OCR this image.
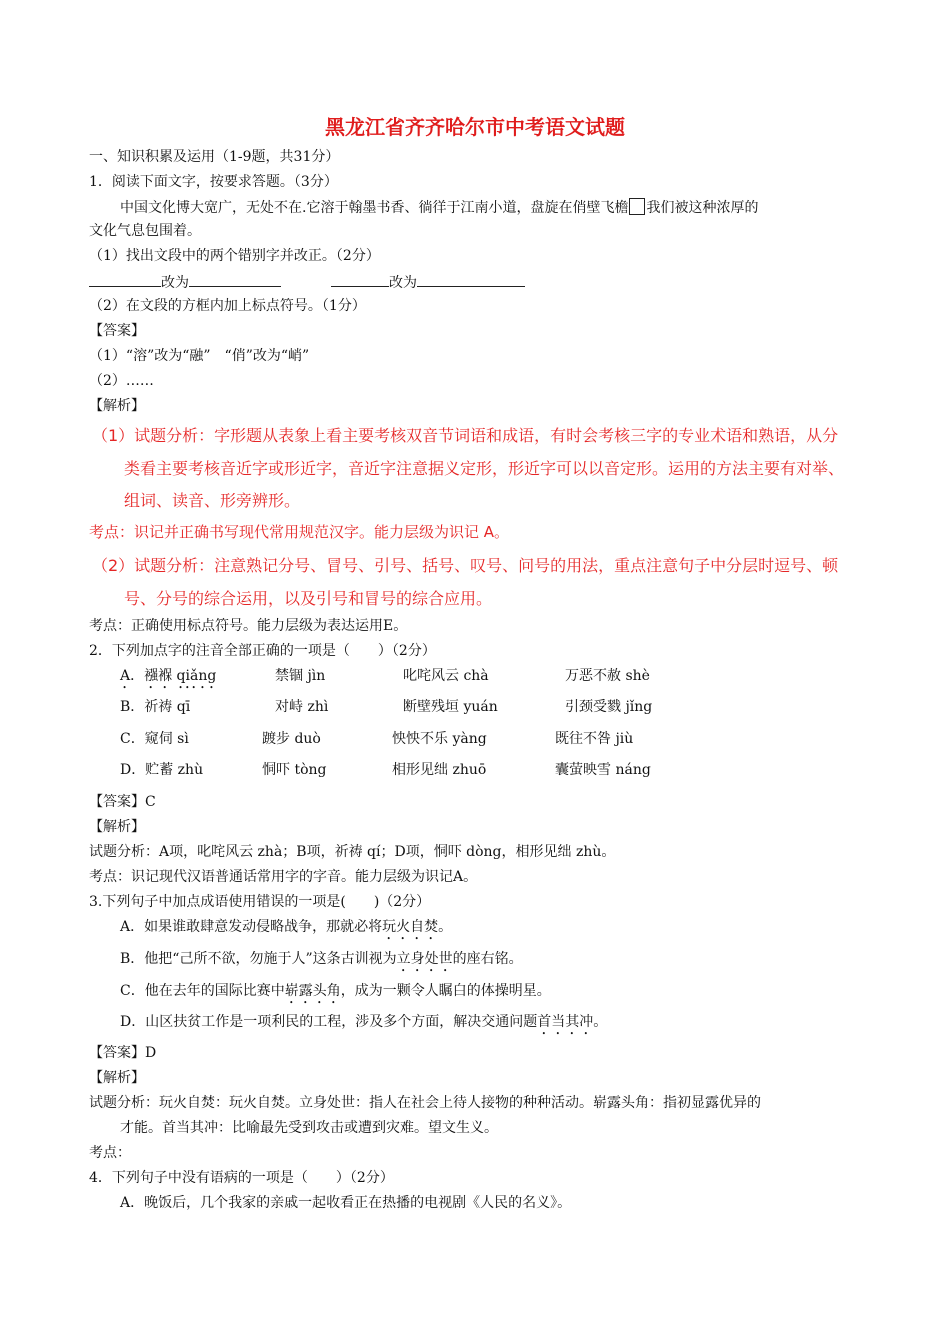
黑龙江省齐齐哈尔市中考语文试题
一、知识积累及运用（1-9题，共31分）
1．阅读下面文字，按要求答题。（3分）
中国文化博大宽广，无处不在.它溶于翰墨书香、徜徉于江南小道，盘旋在俏壁飞檐 我们被这种浓厚的
文化气息包围着。
（1）找出文段中的两个错别字并改正。（2分）
改为	改为
（2）在文段的方框内加上标点符号。（1分）
【答案】
（1）“溶”改为“融”　“俏”改为“峭”
（2）……
【解析】
（1）试题分析：字形题从表象上看主要考核双音节词语和成语，有时会考核三字的专业术语和熟语，从分
类看主要考核音近字或形近字，音近字注意据义定形，形近字可以以音定形。运用的方法主要有对举、
组词、读音、形旁辨形。
考点：识记并正确书写现代常用规范汉字。能力层级为识记 A。
（2）试题分析：注意熟记分号、冒号、引号、括号、叹号、问号的用法，重点注意句子中分层时逗号、顿
号、分号的综合运用，以及引号和冒号的综合应用。
考点：正确使用标点符号。能力层级为表达运用E。
2．下列加点字的注音全部正确的一项是（　　）（2分）
A．襁褓 qiǎng	禁锢 jìn	叱咤风云 chà	万恶不赦 shè
B．祈祷 qī	对峙 zhì	断壁残垣 yuán	引颈受戮 jǐng
C．窥伺 sì	踱步 duò	怏怏不乐 yàng	既往不咎 jiù
D．贮蓄 zhù	恫吓 tòng	相形见绌 zhuō	囊萤映雪 náng
【答案】C
【解析】
试题分析：A项，叱咤风云 zhà；B项，祈祷 qí；D项，恫吓 dòng，相形见绌 zhù。
考点：识记现代汉语普通话常用字的字音。能力层级为识记A。
3.下列句子中加点成语使用错误的一项是(　　)（2分）
A．如果谁敢肆意发动侵略战争，那就必将玩火自焚。
B．他把“己所不欲，勿施于人”这条古训视为立身处世的座右铭。
C．他在去年的国际比赛中崭露头角，成为一颗令人瞩白的体操明星。
D．山区扶贫工作是一项利民的工程，涉及多个方面，解决交通问题首当其冲。
【答案】D
【解析】
试题分析：玩火自焚：玩火自焚。立身处世：指人在社会上待人接物的种种活动。崭露头角：指初显露优异的
才能。首当其冲：比喻最先受到攻击或遭到灾难。望文生义。
考点：
4．下列句子中没有语病的一项是（　　）（2分）
A．晚饭后，几个我家的亲戚一起收看正在热播的电视剧《人民的名义》。
